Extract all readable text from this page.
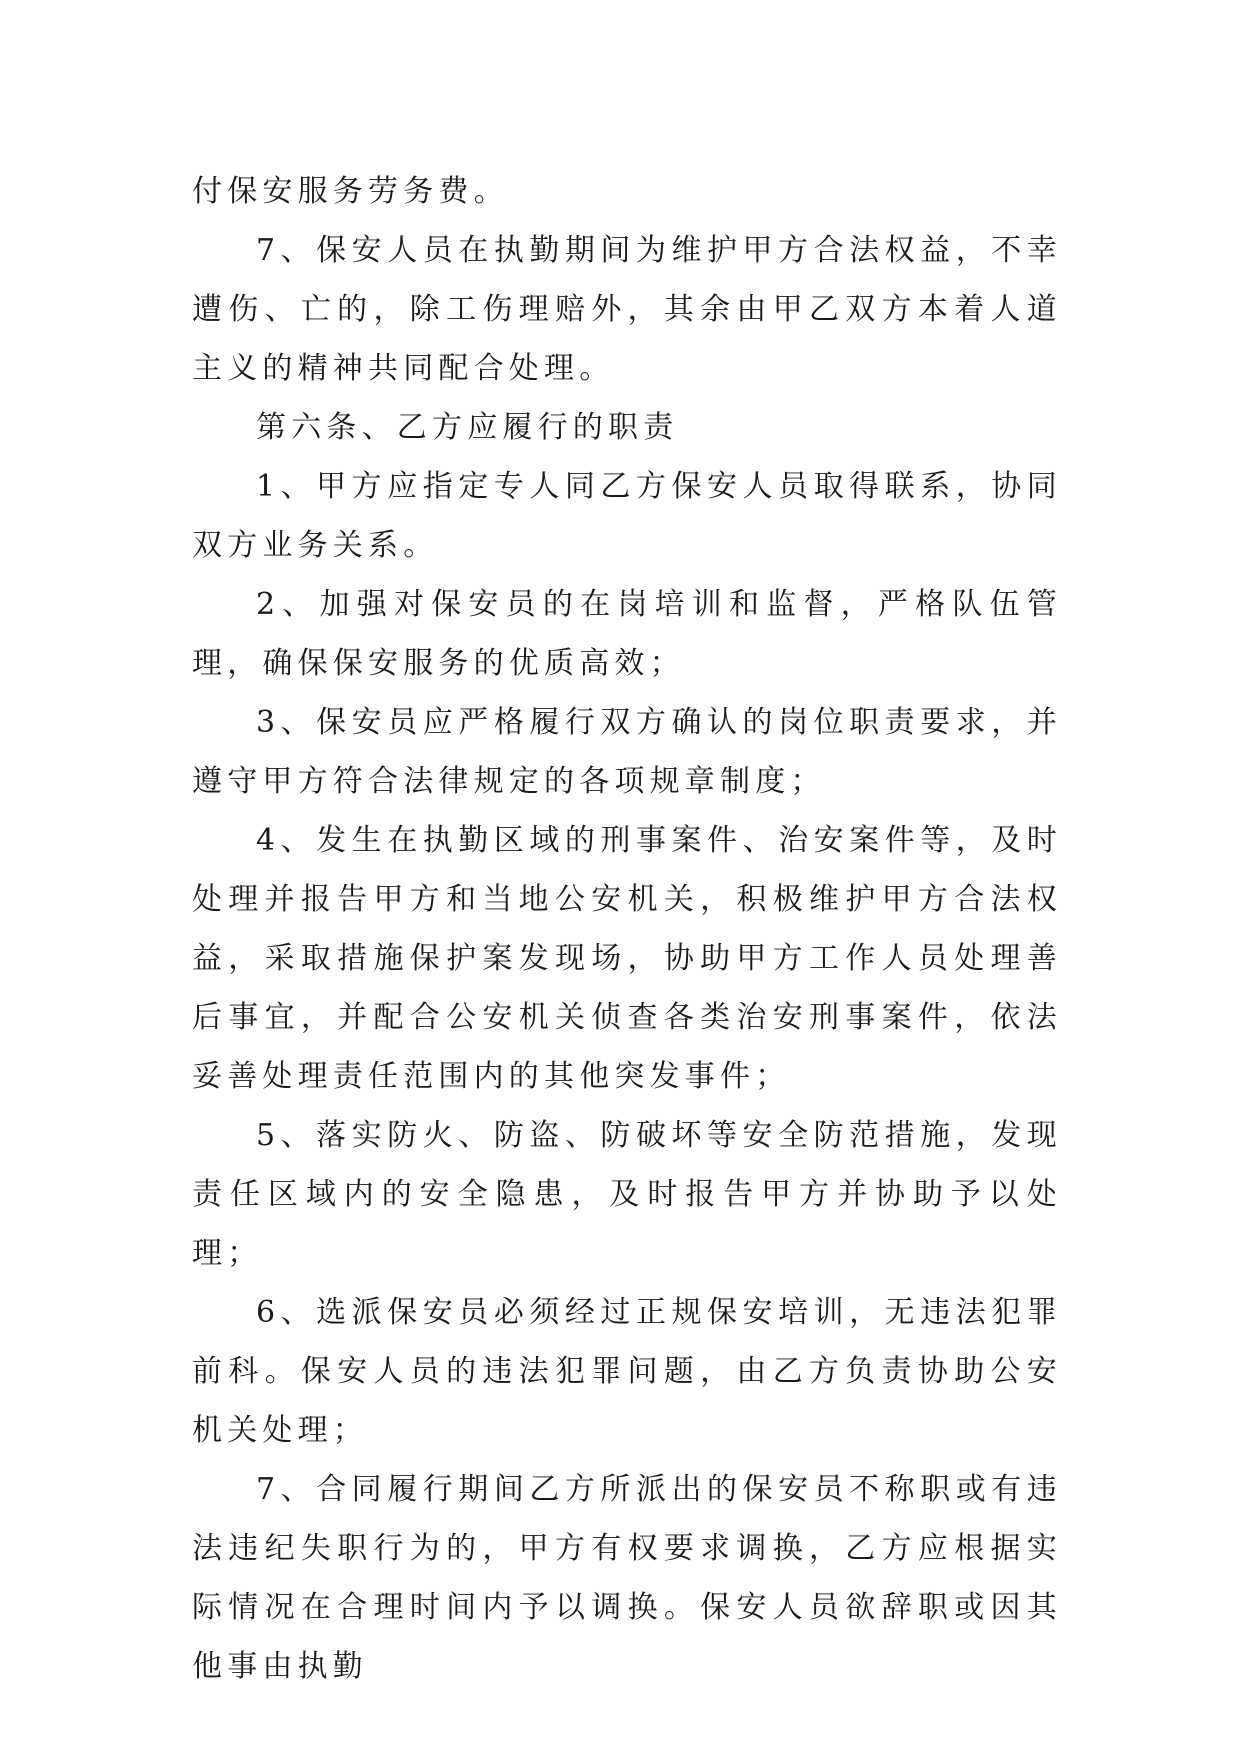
付保安服务劳务费。

7、保安人员在执勤期间为维护甲方合法权益，不幸遭伤、亡的，除工伤理赔外，其余由甲乙双方本着人道主义的精神共同配合处理。

第六条、乙方应履行的职责

1、甲方应指定专人同乙方保安人员取得联系，协同双方业务关系。

2、加强对保安员的在岗培训和监督，严格队伍管理，确保保安服务的优质高效；

3、保安员应严格履行双方确认的岗位职责要求，并遵守甲方符合法律规定的各项规章制度；

4、发生在执勤区域的刑事案件、治安案件等，及时处理并报告甲方和当地公安机关，积极维护甲方合法权益，采取措施保护案发现场，协助甲方工作人员处理善后事宜，并配合公安机关侦查各类治安刑事案件，依法妥善处理责任范围内的其他突发事件；

5、落实防火、防盗、防破坏等安全防范措施，发现责任区域内的安全隐患，及时报告甲方并协助予以处理；

6、选派保安员必须经过正规保安培训，无违法犯罪前科。保安人员的违法犯罪问题，由乙方负责协助公安机关处理；

7、合同履行期间乙方所派出的保安员不称职或有违法违纪失职行为的，甲方有权要求调换，乙方应根据实际情况在合理时间内予以调换。保安人员欲辞职或因其他事由执勤
